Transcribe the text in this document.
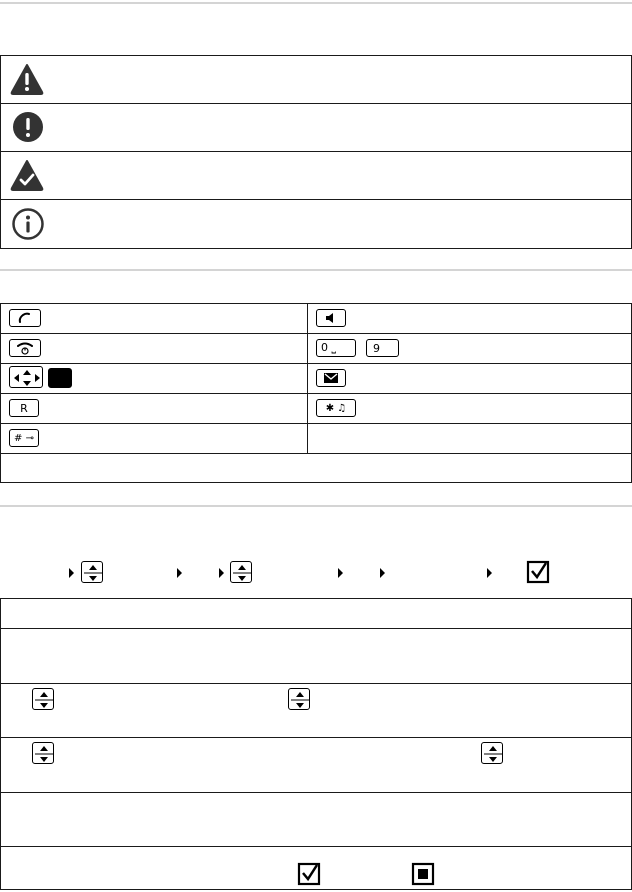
0 ⎵	9
R	✱ ♫
# ⊸
